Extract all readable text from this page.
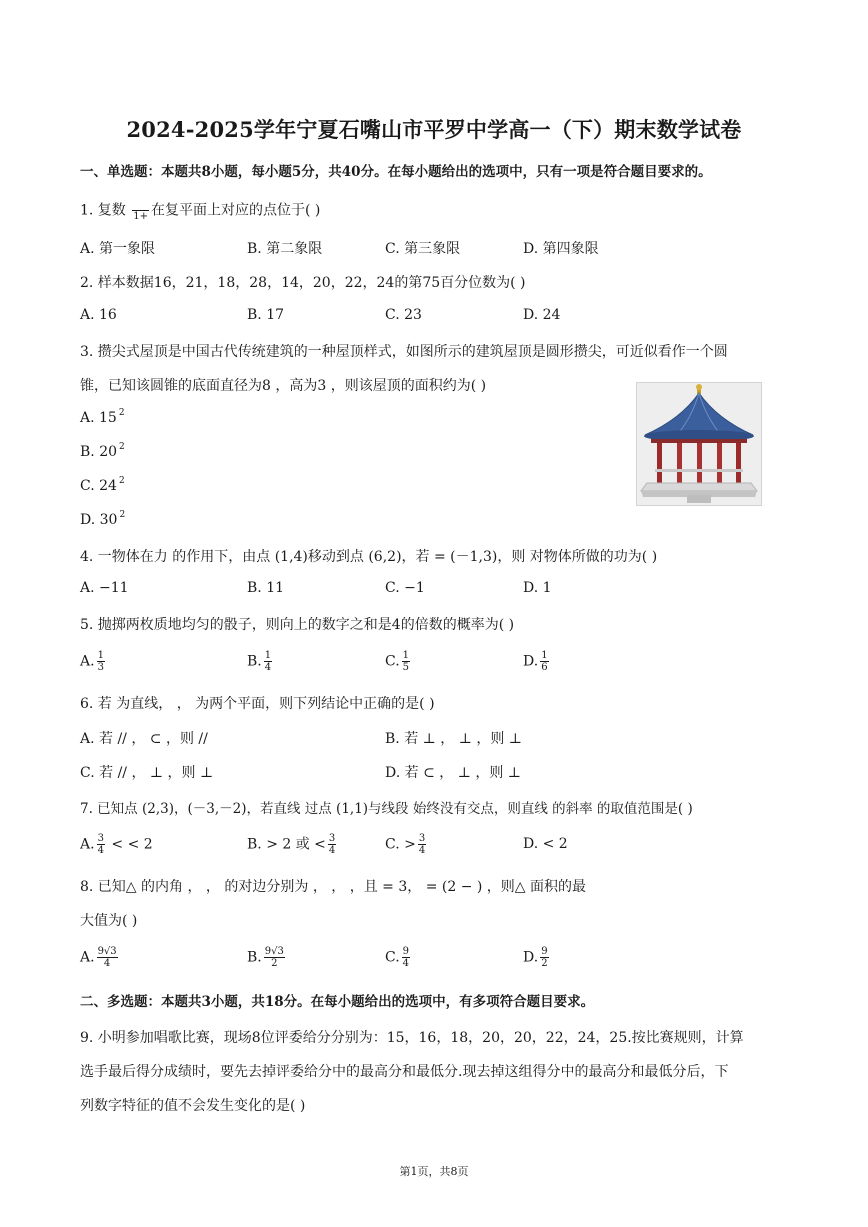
2024-2025学年宁夏石嘴山市平罗中学高一（下）期末数学试卷
一、单选题：本题共8小题，每小题5分，共40分。在每小题给出的选项中，只有一项是符合题目要求的。
1. 复数
1+ 在复平面上对应的点位于( )
A. 第一象限	B. 第二象限	C. 第三象限	D. 第四象限
2. 样本数据16，21，18，28，14，20，22，24的第75百分位数为( )
A. 16	B. 17	C. 23	D. 24
3. 攒尖式屋顶是中国古代传统建筑的一种屋顶样式，如图所示的建筑屋顶是圆形攒尖，可近似看作一个圆
锥，已知该圆锥的底面直径为8 ，高为3 ，则该屋顶的面积约为( )
A. 15 $^2$
B. 20 $^2$
C. 24 $^2$
D. 30 $^2$
4. 一物体在力 的作用下，由点 (1,4)移动到点 (6,2)，若 = (－1,3)，则 对物体所做的功为( )
A. −11	B. 11	C. −1	D. 1
5. 抛掷两枚质地均匀的骰子，则向上的数字之和是4的倍数的概率为( )
A. $\frac{1}{3}$	B. $\frac{1}{4}$	C. $\frac{1}{5}$	D. $\frac{1}{6}$
6. 若 为直线， ， 为两个平面，则下列结论中正确的是( )
A. 若 // ， ⊂ ，则 //	B. 若 ⊥ ， ⊥ ，则 ⊥
C. 若 // ， ⊥ ，则 ⊥	D. 若 ⊂ ， ⊥ ，则 ⊥
7. 已知点 (2,3)，(－3,－2)，若直线 过点 (1,1)与线段 始终没有交点，则直线 的斜率 的取值范围是( )
A. $\frac{3}{4}$ < < 2	B. > 2 或 < $\frac{3}{4}$	C. > $\frac{3}{4}$	D. < 2
8. 已知△ 的内角 ， ， 的对边分别为 ， ， ，且 = 3， = (2 − ) ，则△ 面积的最
大值为( )
A. $\frac{9√3}{4}$	B. $\frac{9√3}{2}$	C. $\frac{9}{4}$	D. $\frac{9}{2}$
二、多选题：本题共3小题，共18分。在每小题给出的选项中，有多项符合题目要求。
9. 小明参加唱歌比赛，现场8位评委给分分别为：15，16，18，20，20，22，24，25.按比赛规则，计算
选手最后得分成绩时，要先去掉评委给分中的最高分和最低分.现去掉这组得分中的最高分和最低分后，下
列数字特征的值不会发生变化的是( )
第1页，共8页
